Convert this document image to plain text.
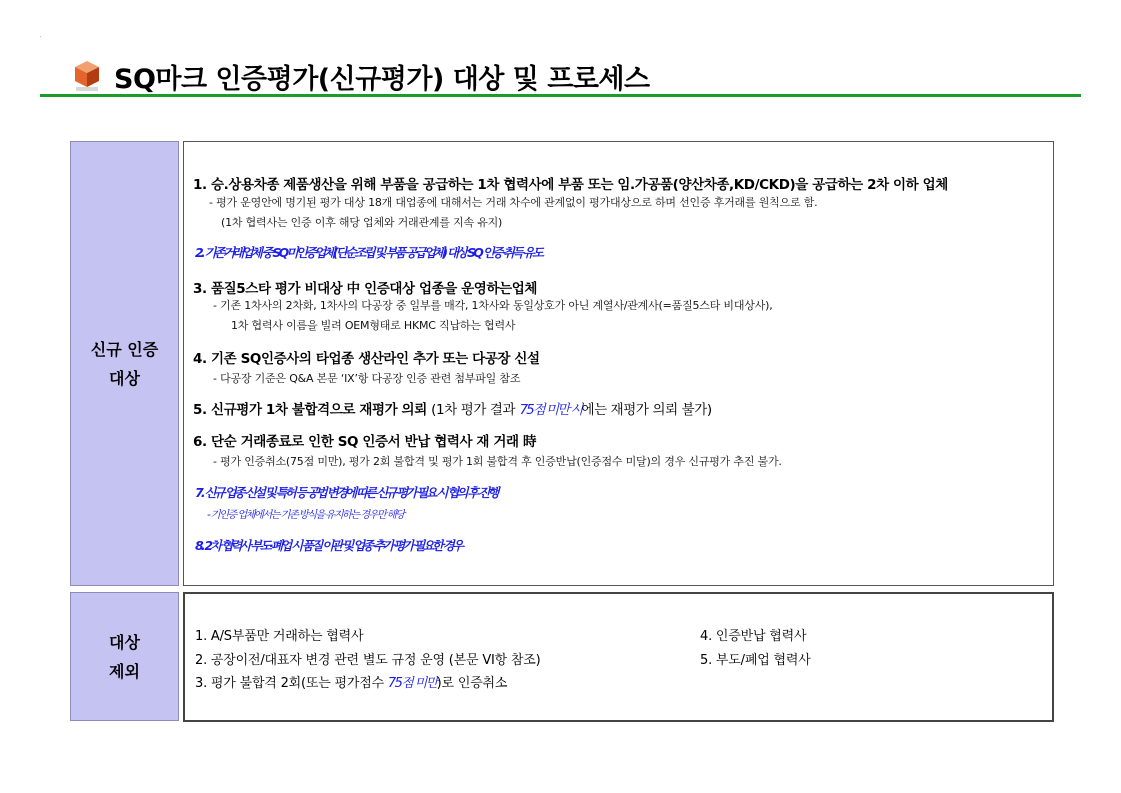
SQ마크 인증평가(신규평가) 대상 및 프로세스
신규 인증
대상
1. 승.상용차종 제품생산을 위해 부품을 공급하는 1차 협력사에 부품 또는 임.가공품(양산차종,KD/CKD)을 공급하는 2차 이하 업체
- 평가 운영안에 명기된 평가 대상 18개 대업종에 대해서는 거래 차수에 관계없이 평가대상으로 하며 선인증 후거래를 원칙으로 함.
(1차 협력사는 인증 이후 해당 업체와 거래관계를 지속 유지)
2. 기존거래업체 중 SQ미인증업체(단순조립 및 부품 공급업체) 대상 SQ 인증 취득 유도
3. 품질5스타 평가 비대상 中 인증대상 업종을 운영하는업체
- 기존 1차사의 2차화, 1차사의 다공장 중 일부를 매각, 1차사와 동일상호가 아닌 계열사/관계사(=품질5스타 비대상사),
1차 협력사 이름을 빌려 OEM형태로 HKMC 직납하는 협력사
4. 기존 SQ인증사의 타업종 생산라인 추가 또는 다공장 신설
- 다공장 기준은 Q&A 본문 ‘IX’항 다공장 인증 관련 첨부파일 참조
5. 신규평가 1차 불합격으로 재평가 의뢰 (1차 평가 결과 75점 미만 시에는 재평가 의뢰 불가)
6. 단순 거래종료로 인한 SQ 인증서 반납 협력사 재 거래 時
- 평가 인증취소(75점 미만), 평가 2회 불합격 및 평가 1회 불합격 후 인증반납(인증점수 미달)의 경우 신규평가 추진 불가.
7. 신규 업종 신설 및 특허 등 공법 변경에 따른 신규 평가 필요 시 협의 후 진행
- 기인증 업체에서는 기존 방식을 유지하는 경우만 해당
8. 2차 협력사 부도·폐업 시 품질 이관 및 업종 추가 평가 필요한 경우
대상
제외
1. A/S부품만 거래하는 협력사
2. 공장이전/대표자 변경 관련 별도 규정 운영 (본문 VI항 참조)
3. 평가 불합격 2회(또는 평가점수 75점 미만)로 인증취소
4. 인증반납 협력사
5. 부도/폐업 협력사
